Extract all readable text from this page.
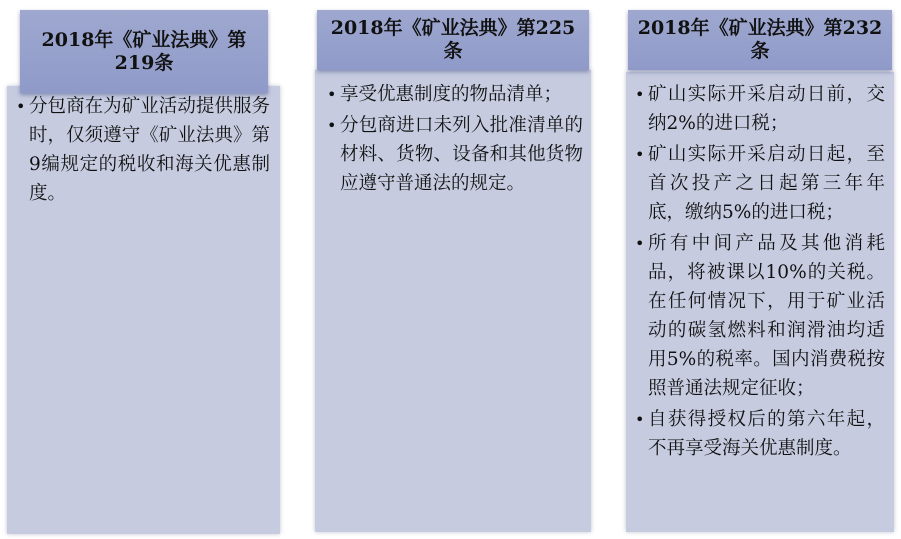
2018年《矿业法典》第219条
• 分包商在为矿业活动提供服务时，仅须遵守《矿业法典》第9编规定的税收和海关优惠制度。
2018年《矿业法典》第225条
• 享受优惠制度的物品清单；
• 分包商进口未列入批准清单的材料、货物、设备和其他货物应遵守普通法的规定。
2018年《矿业法典》第232条
• 矿山实际开采启动日前，交纳2%的进口税；
• 矿山实际开采启动日起，至首次投产之日起第三年年底，缴纳5%的进口税；
• 所有中间产品及其他消耗品，将被课以10%的关税。在任何情况下，用于矿业活动的碳氢燃料和润滑油均适用5%的税率。国内消费税按照普通法规定征收；
• 自获得授权后的第六年起，不再享受海关优惠制度。
